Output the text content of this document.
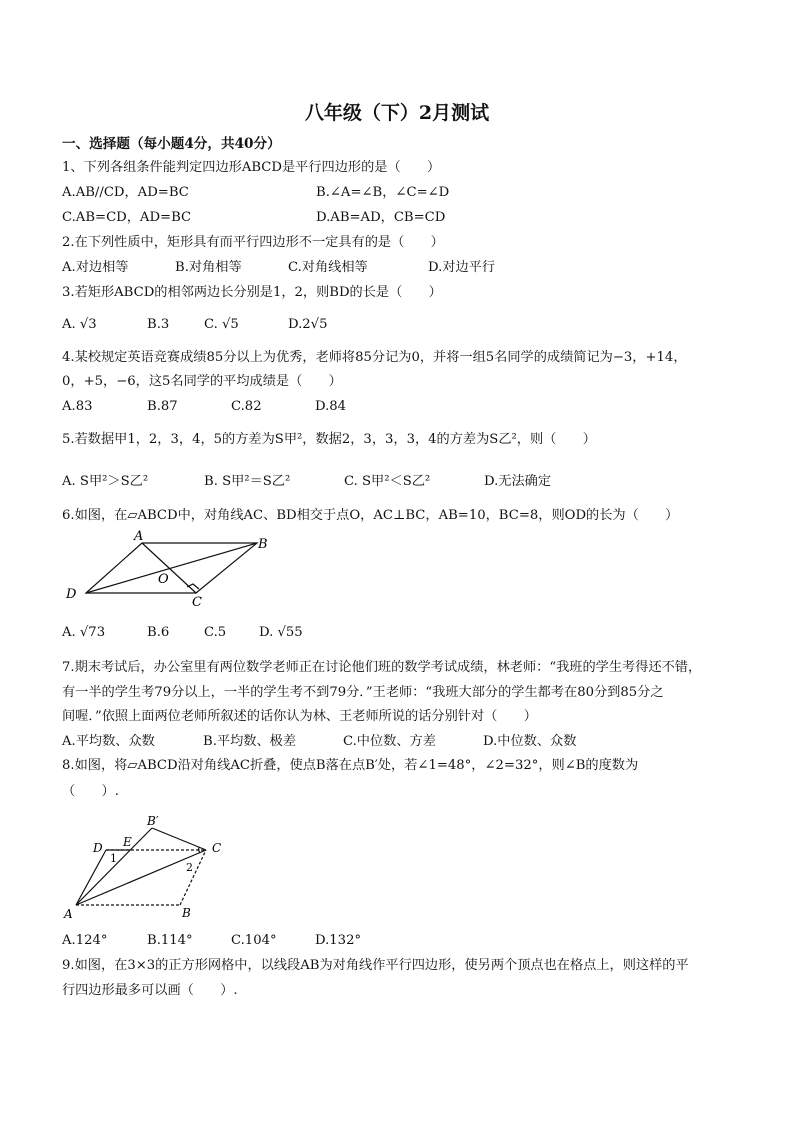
八年级（下）2月测试
一、选择题（每小题4分，共40分）
1、下列各组条件能判定四边形ABCD是平行四边形的是（　　）
A.AB//CD，AD=BC	B.∠A=∠B，∠C=∠D
C.AB=CD，AD=BC	D.AB=AD，CB=CD
2.在下列性质中，矩形具有而平行四边形不一定具有的是（　　）
A.对边相等	B.对角相等	C.对角线相等	D.对边平行
3.若矩形ABCD的相邻两边长分别是1，2，则BD的长是（　　）
A. √3	B.3	C. √5	D.2√5
4.某校规定英语竞赛成绩85分以上为优秀，老师将85分记为0，并将一组5名同学的成绩简记为−3，+14，
0，+5，−6，这5名同学的平均成绩是（　　）
A.83	B.87	C.82	D.84
5.若数据甲1，2，3，4，5的方差为S甲²，数据2，3，3，3，4的方差为S乙²，则（　　）
A. S甲²＞S乙²	B. S甲²＝S乙²	C. S甲²＜S乙²	D.无法确定
6.如图，在▱ABCD中，对角线AC、BD相交于点O，AC⊥BC，AB=10，BC=8，则OD的长为（　　）
A
B
C
D
O
A. √73	B.6	C.5 D. √55
7.期末考试后，办公室里有两位数学老师正在讨论他们班的数学考试成绩，林老师：“我班的学生考得还不错，
有一半的学生考79分以上，一半的学生考不到79分．”王老师：“我班大部分的学生都考在80分到85分之
间喔．”依照上面两位老师所叙述的话你认为林、王老师所说的话分别针对（　　）
A.平均数、众数	B.平均数、极差	C.中位数、方差	D.中位数、众数
8.如图，将▱ABCD沿对角线AC折叠，使点B落在点B′处，若∠1=48°，∠2=32°，则∠B的度数为
（　　）.
A	B
C
D E
B′
1
2
A.124°	B.114°	C.104°	D.132°
9.如图，在3×3的正方形网格中，以线段AB为对角线作平行四边形，使另两个顶点也在格点上，则这样的平
行四边形最多可以画（　　）.
